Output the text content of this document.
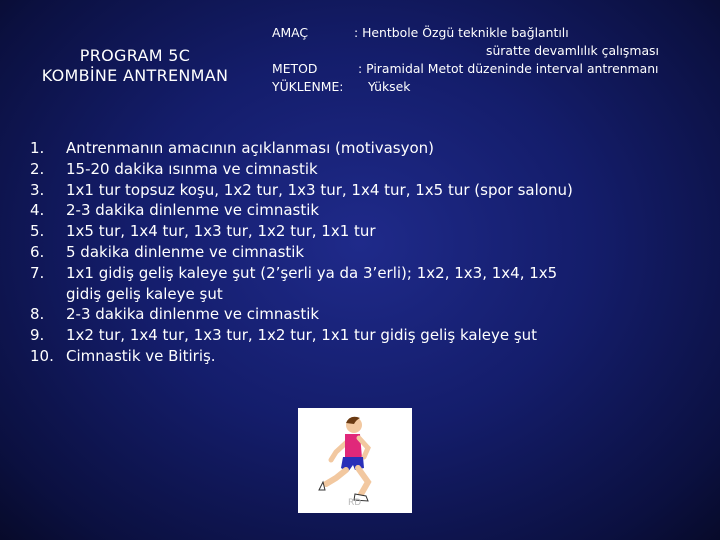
PROGRAM 5C
KOMBİNE ANTRENMAN
AMAÇ	: Hentbole Özgü teknikle bağlantılı
süratte devamlılık çalışması
METOD	: Piramidal Metot düzeninde interval antrenmanı
YÜKLENME: Yüksek
1. Antrenmanın amacının açıklanması (motivasyon)
2. 15-20 dakika ısınma ve cimnastik
3. 1x1 tur topsuz koşu, 1x2 tur, 1x3 tur, 1x4 tur, 1x5 tur (spor salonu)
4. 2-3 dakika dinlenme ve cimnastik
5. 1x5 tur, 1x4 tur, 1x3 tur, 1x2 tur, 1x1 tur
6. 5 dakika dinlenme ve cimnastik
7. 1x1 gidiş geliş kaleye şut (2’şerli ya da 3’erli); 1x2, 1x3, 1x4, 1x5
gidiş geliş kaleye şut
8. 2-3 dakika dinlenme ve cimnastik
9. 1x2 tur, 1x4 tur, 1x3 tur, 1x2 tur, 1x1 tur gidiş geliş kaleye şut
10. Cimnastik ve Bitiriş.
RD
